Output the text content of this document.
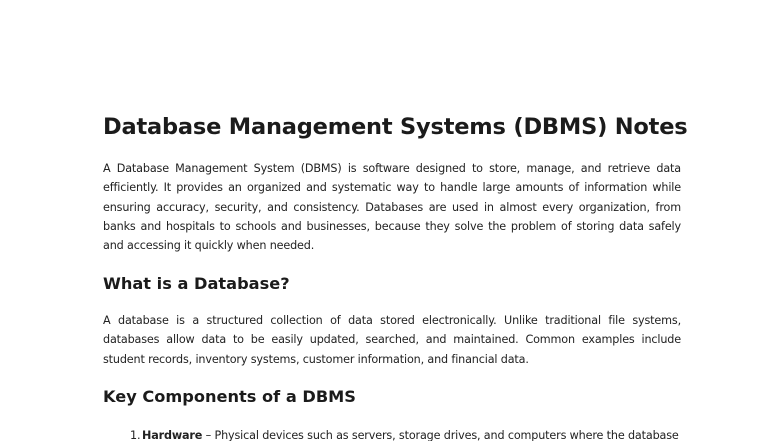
Database Management Systems (DBMS) Notes

A Database Management System (DBMS) is software designed to store, manage, and retrieve data efficiently. It provides an organized and systematic way to handle large amounts of information while ensuring accuracy, security, and consistency. Databases are used in almost every organization, from banks and hospitals to schools and businesses, because they solve the problem of storing data safely and accessing it quickly when needed.

What is a Database?

A database is a structured collection of data stored electronically. Unlike traditional file systems, databases allow data to be easily updated, searched, and maintained. Common examples include student records, inventory systems, customer information, and financial data.

Key Components of a DBMS
1. Hardware – Physical devices such as servers, storage drives, and computers where the database
